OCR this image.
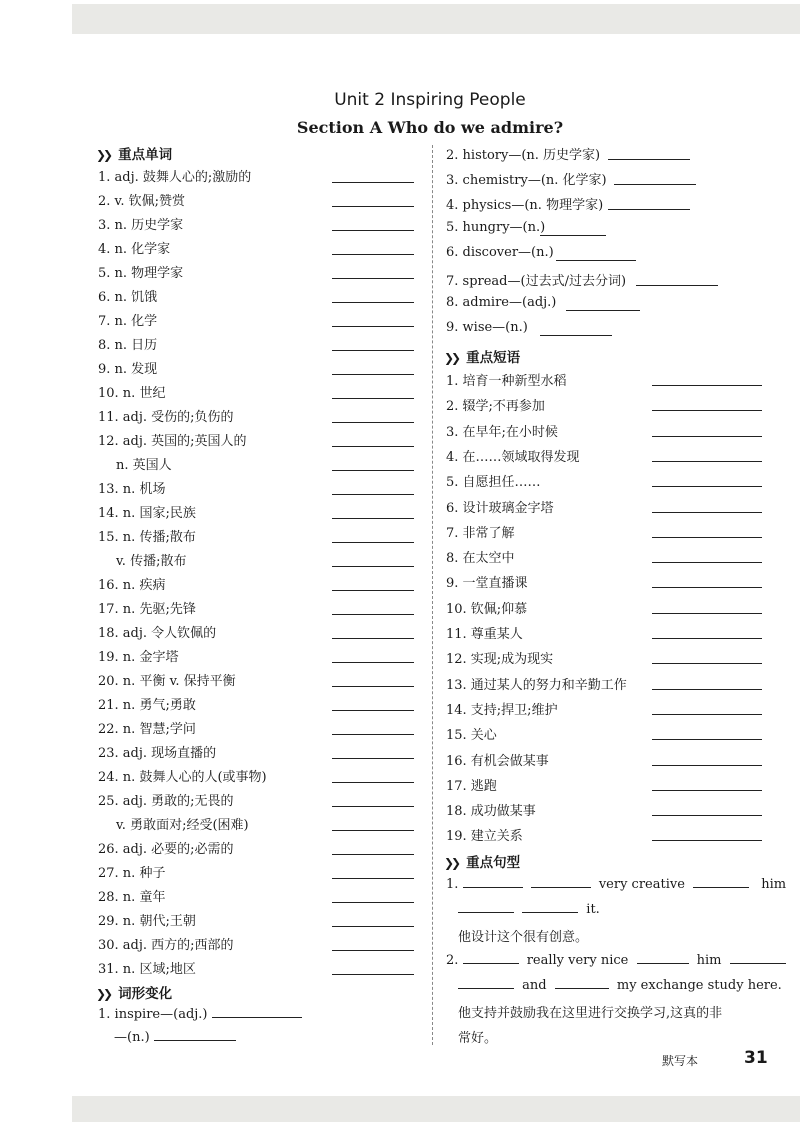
Unit 2 Inspiring People
Section A Who do we admire?
❯❯ 重点单词
1. adj. 鼓舞人心的;激励的
2. v. 钦佩;赞赏
3. n. 历史学家
4. n. 化学家
5. n. 物理学家
6. n. 饥饿
7. n. 化学
8. n. 日历
9. n. 发现
10. n. 世纪
11. adj. 受伤的;负伤的
12. adj. 英国的;英国人的
n. 英国人
13. n. 机场
14. n. 国家;民族
15. n. 传播;散布
v. 传播;散布
16. n. 疾病
17. n. 先驱;先锋
18. adj. 令人钦佩的
19. n. 金字塔
20. n. 平衡 v. 保持平衡
21. n. 勇气;勇敢
22. n. 智慧;学问
23. adj. 现场直播的
24. n. 鼓舞人心的人(或事物)
25. adj. 勇敢的;无畏的
v. 勇敢面对;经受(困难)
26. adj. 必要的;必需的
27. n. 种子
28. n. 童年
29. n. 朝代;王朝
30. adj. 西方的;西部的
31. n. 区域;地区
❯❯ 词形变化
1. inspire—(adj.)
—(n.)
2. history—(n. 历史学家)
3. chemistry—(n. 化学家)
4. physics—(n. 物理学家)
5. hungry—(n.)
6. discover—(n.)
7. spread—(过去式/过去分词)
8. admire—(adj.)
9. wise—(n.)
❯❯ 重点短语
1. 培育一种新型水稻
2. 辍学;不再参加
3. 在早年;在小时候
4. 在……领域取得发现
5. 自愿担任……
6. 设计玻璃金字塔
7. 非常了解
8. 在太空中
9. 一堂直播课
10. 钦佩;仰慕
11. 尊重某人
12. 实现;成为现实
13. 通过某人的努力和辛勤工作
14. 支持;捍卫;维护
15. 关心
16. 有机会做某事
17. 逃跑
18. 成功做某事
19. 建立关系
❯❯ 重点句型
1.	very creative	him
it.
他设计这个很有创意。
2.	really very nice	him
and	my exchange study here.
他支持并鼓励我在这里进行交换学习,这真的非
常好。
默写本	31
